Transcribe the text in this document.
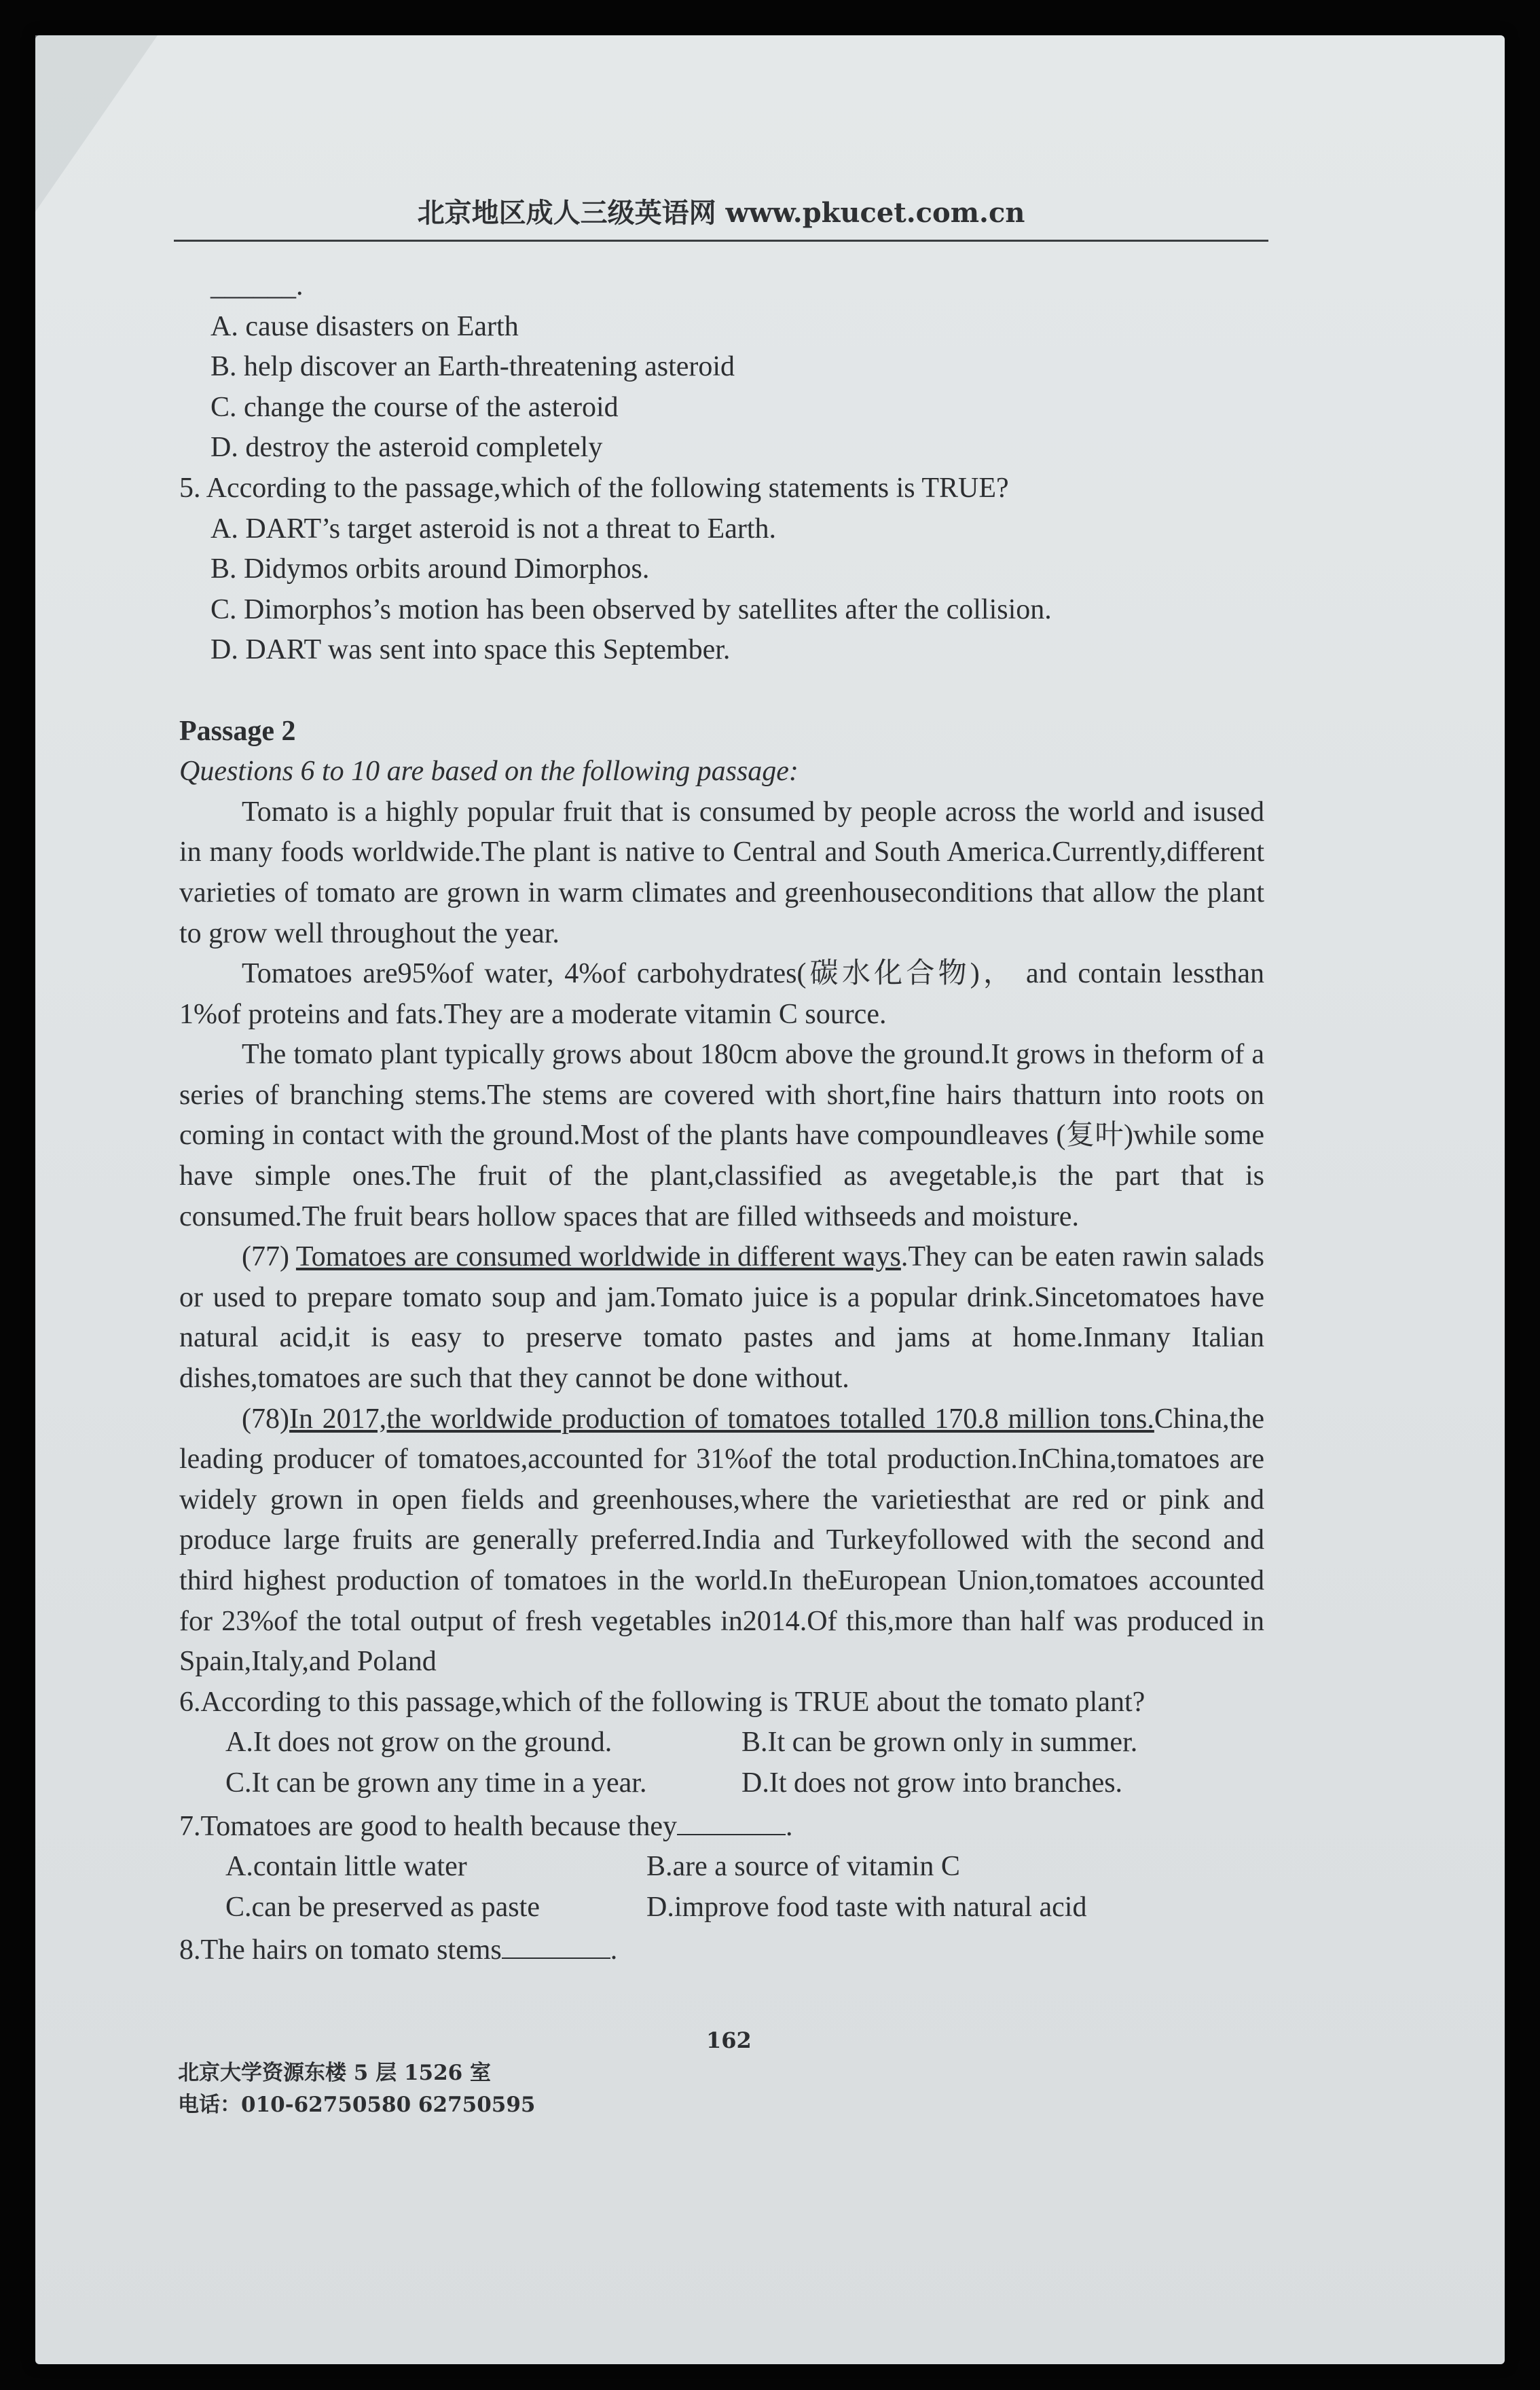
北京地区成人三级英语网 www.pkucet.com.cn
______.
A. cause disasters on Earth
B. help discover an Earth-threatening asteroid
C. change the course of the asteroid
D. destroy the asteroid completely
5. According to the passage,which of the following statements is TRUE?
A. DART’s target asteroid is not a threat to Earth.
B. Didymos orbits around Dimorphos.
C. Dimorphos’s motion has been observed by satellites after the collision.
D. DART was sent into space this September.
Passage 2
Questions 6 to 10 are based on the following passage:

Tomato is a highly popular fruit that is consumed by people across the world and isused in many foods worldwide.The plant is native to Central and South America.Currently,different varieties of tomato are grown in warm climates and greenhouseconditions that allow the plant to grow well throughout the year.

Tomatoes are95%of water, 4%of carbohydrates(碳水化合物)， and contain lessthan 1%of proteins and fats.They are a moderate vitamin C source.

The tomato plant typically grows about 180cm above the ground.It grows in theform of a series of branching stems.The stems are covered with short,fine hairs thatturn into roots on coming in contact with the ground.Most of the plants have compoundleaves (复叶)while some have simple ones.The fruit of the plant,classified as avegetable,is the part that is consumed.The fruit bears hollow spaces that are filled withseeds and moisture.

(77) Tomatoes are consumed worldwide in different ways.They can be eaten rawin salads or used to prepare tomato soup and jam.Tomato juice is a popular drink.Sincetomatoes have natural acid,it is easy to preserve tomato pastes and jams at home.Inmany Italian dishes,tomatoes are such that they cannot be done without.

(78)In 2017,the worldwide production of tomatoes totalled 170.8 million tons.China,the leading producer of tomatoes,accounted for 31%of the total production.InChina,tomatoes are widely grown in open fields and greenhouses,where the varietiesthat are red or pink and produce large fruits are generally preferred.India and Turkeyfollowed with the second and third highest production of tomatoes in the world.In theEuropean Union,tomatoes accounted for 23%of the total output of fresh vegetables in2014.Of this,more than half was produced in Spain,Italy,and Poland

6.According to this passage,which of the following is TRUE about the tomato plant?
A.It does not grow on the ground.	B.It can be grown only in summer.
C.It can be grown any time in a year.	D.It does not grow into branches.
7.Tomatoes are good to health because they	.
A.contain little water	B.are a source of vitamin C
C.can be preserved as paste	D.improve food taste with natural acid
8.The hairs on tomato stems	.
162
北京大学资源东楼 5 层 1526 室
电话：010-62750580 62750595
